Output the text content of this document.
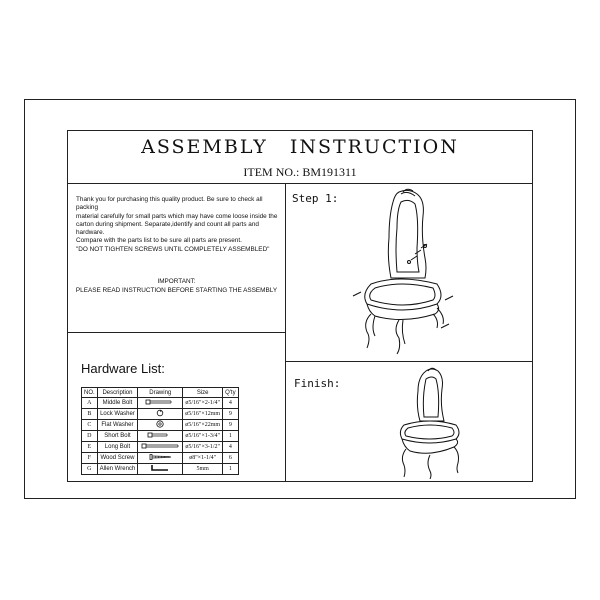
ASSEMBLY INSTRUCTION
ITEM NO.: BM191311

Thank you for purchasing this quality product. Be sure to check all packing

material carefully for small parts which may have come loose inside the

carton during shipment. Separate,identify and count all parts and hardware.

Compare with the parts list to be sure all parts are present.

"DO NOT TIGHTEN SCREWS UNTIL COMPLETELY ASSEMBLED"

IMPORTANT:
PLEASE READ INSTRUCTION BEFORE STARTING THE ASSEMBLY
Hardware List:
NO.	Description	Drawing	Size	Q'ty
A	Middle Bolt		ø5/16"×2-1/4"	4
B	Lock Washer		ø5/16"×12mm	9
C	Flat Washer		ø5/16"×22mm	9
D	Short Bolt		ø5/16"×1-3/4"	1
E	Long Bolt		ø5/16"×3-1/2"	4
F	Wood Screw		ø8"×1-1/4"	6
G	Allen Wrench		5mm	1
Step 1:
Finish:
